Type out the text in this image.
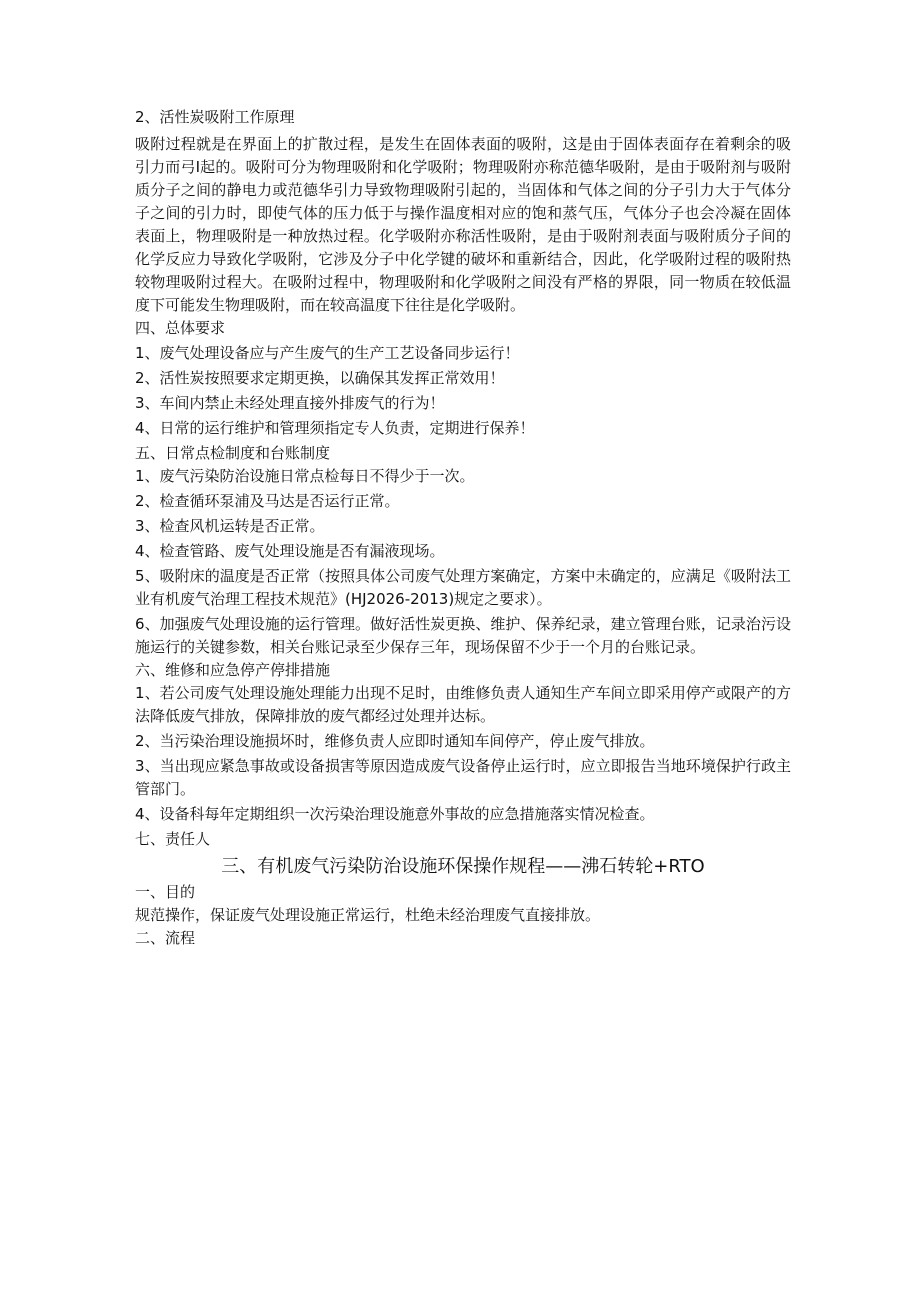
2、活性炭吸附工作原理
吸附过程就是在界面上的扩散过程，是发生在固体表面的吸附，这是由于固体表面存在着剩余的吸引力而弓I起的。吸附可分为物理吸附和化学吸附；物理吸附亦称范德华吸附，是由于吸附剂与吸附质分子之间的静电力或范德华引力导致物理吸附引起的，当固体和气体之间的分子引力大于气体分子之间的引力时，即使气体的压力低于与操作温度相对应的饱和蒸气压，气体分子也会冷凝在固体表面上，物理吸附是一种放热过程。化学吸附亦称活性吸附，是由于吸附剂表面与吸附质分子间的化学反应力导致化学吸附，它涉及分子中化学键的破坏和重新结合，因此，化学吸附过程的吸附热较物理吸附过程大。在吸附过程中，物理吸附和化学吸附之间没有严格的界限，同一物质在较低温度下可能发生物理吸附，而在较高温度下往往是化学吸附。
四、总体要求
1、废气处理设备应与产生废气的生产工艺设备同步运行！
2、活性炭按照要求定期更换，以确保其发挥正常效用！
3、车间内禁止未经处理直接外排废气的行为！
4、日常的运行维护和管理须指定专人负责，定期进行保养！
五、日常点检制度和台账制度
1、废气污染防治设施日常点检每日不得少于一次。
2、检查循环泵浦及马达是否运行正常。
3、检查风机运转是否正常。
4、检查管路、废气处理设施是否有漏液现场。
5、吸附床的温度是否正常（按照具体公司废气处理方案确定，方案中未确定的，应满足《吸附法工业有机废气治理工程技术规范》(HJ2026-2013)规定之要求）。
6、加强废气处理设施的运行管理。做好活性炭更换、维护、保养纪录，建立管理台账，记录治污设施运行的关键参数，相关台账记录至少保存三年，现场保留不少于一个月的台账记录。
六、维修和应急停产停排措施
1、若公司废气处理设施处理能力出现不足时，由维修负责人通知生产车间立即采用停产或限产的方法降低废气排放，保障排放的废气都经过处理并达标。
2、当污染治理设施损坏时，维修负责人应即时通知车间停产，停止废气排放。
3、当出现应紧急事故或设备损害等原因造成废气设备停止运行时，应立即报告当地环境保护行政主管部门。
4、设备科每年定期组织一次污染治理设施意外事故的应急措施落实情况检查。
七、责任人
三、有机废气污染防治设施环保操作规程——沸石转轮+RTO
一、目的
规范操作，保证废气处理设施正常运行，杜绝未经治理废气直接排放。
二、流程
